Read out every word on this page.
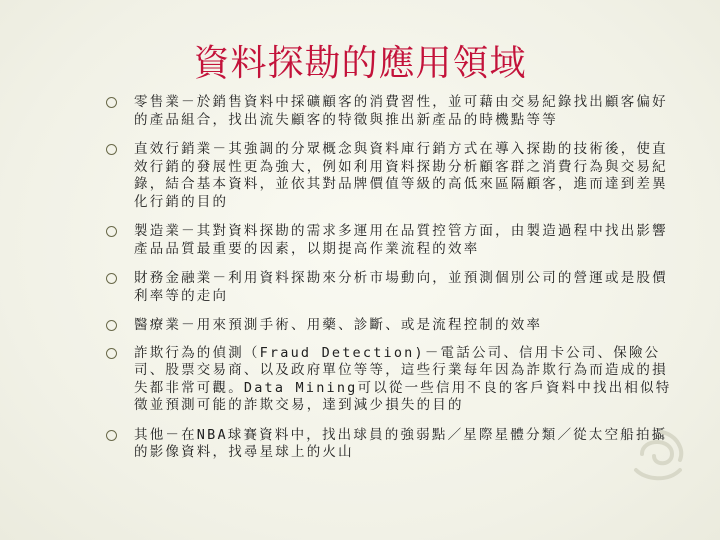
資料探勘的應用領域
零售業－於銷售資料中採礦顧客的消費習性，並可藉由交易紀錄找出顧客偏好的產品組合，找出流失顧客的特徵與推出新產品的時機點等等
直效行銷業－其強調的分眾概念與資料庫行銷方式在導入探勘的技術後，使直效行銷的發展性更為強大，例如利用資料探勘分析顧客群之消費行為與交易紀錄，結合基本資料，並依其對品牌價值等級的高低來區隔顧客，進而達到差異化行銷的目的
製造業－其對資料探勘的需求多運用在品質控管方面，由製造過程中找出影響產品品質最重要的因素，以期提高作業流程的效率
財務金融業－利用資料探勘來分析市場動向，並預測個別公司的營運或是股價利率等的走向
醫療業－用來預測手術、用藥、診斷、或是流程控制的效率
詐欺行為的偵測（Fraud Detection)－電話公司、信用卡公司、保險公司、股票交易商、以及政府單位等等，這些行業每年因為詐欺行為而造成的損失都非常可觀。Data Mining可以從一些信用不良的客戶資料中找出相似特徵並預測可能的詐欺交易，達到減少損失的目的
其他－在NBA球賽資料中，找出球員的強弱點／星際星體分類／從太空船拍攝的影像資料，找尋星球上的火山
